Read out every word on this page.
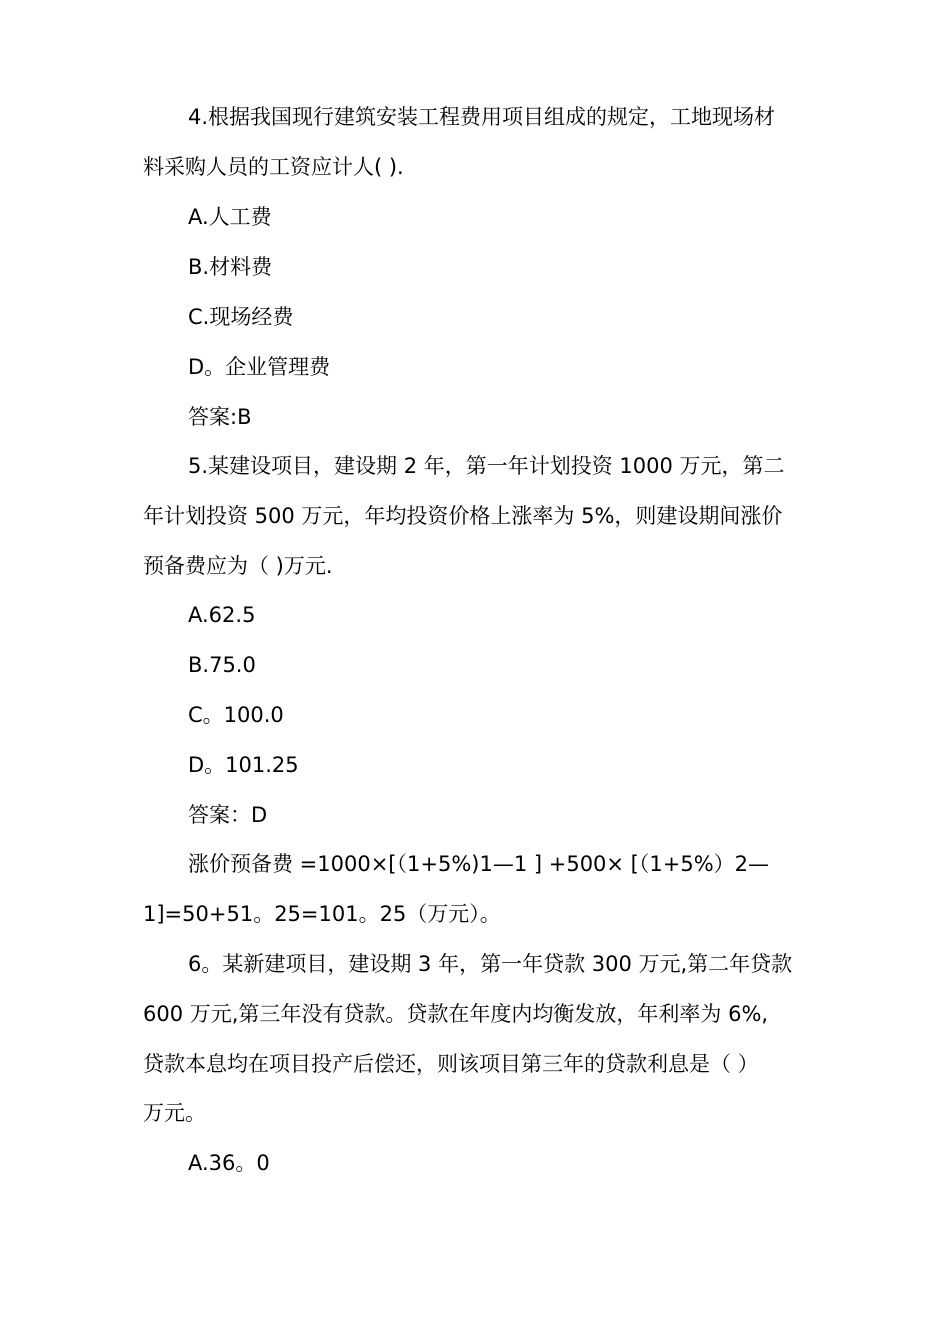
4.根据我国现行建筑安装工程费用项目组成的规定，工地现场材
料采购人员的工资应计人( ).
A.人工费
B.材料费
C.现场经费
D。企业管理费
答案:B
5.某建设项目，建设期 2 年，第一年计划投资 1000 万元，第二
年计划投资 500 万元，年均投资价格上涨率为 5%，则建设期间涨价
预备费应为（ )万元.
A.62.5
B.75.0
C。100.0
D。101.25
答案：D
涨价预备费 =1000×[（1+5%)1—1 ] +500× [（1+5%）2—
1]=50+51。25=101。25（万元）。
6。某新建项目，建设期 3 年，第一年贷款 300 万元,第二年贷款
600 万元,第三年没有贷款。贷款在年度内均衡发放，年利率为 6%,
贷款本息均在项目投产后偿还，则该项目第三年的贷款利息是（ ）
万元。
A.36。0
